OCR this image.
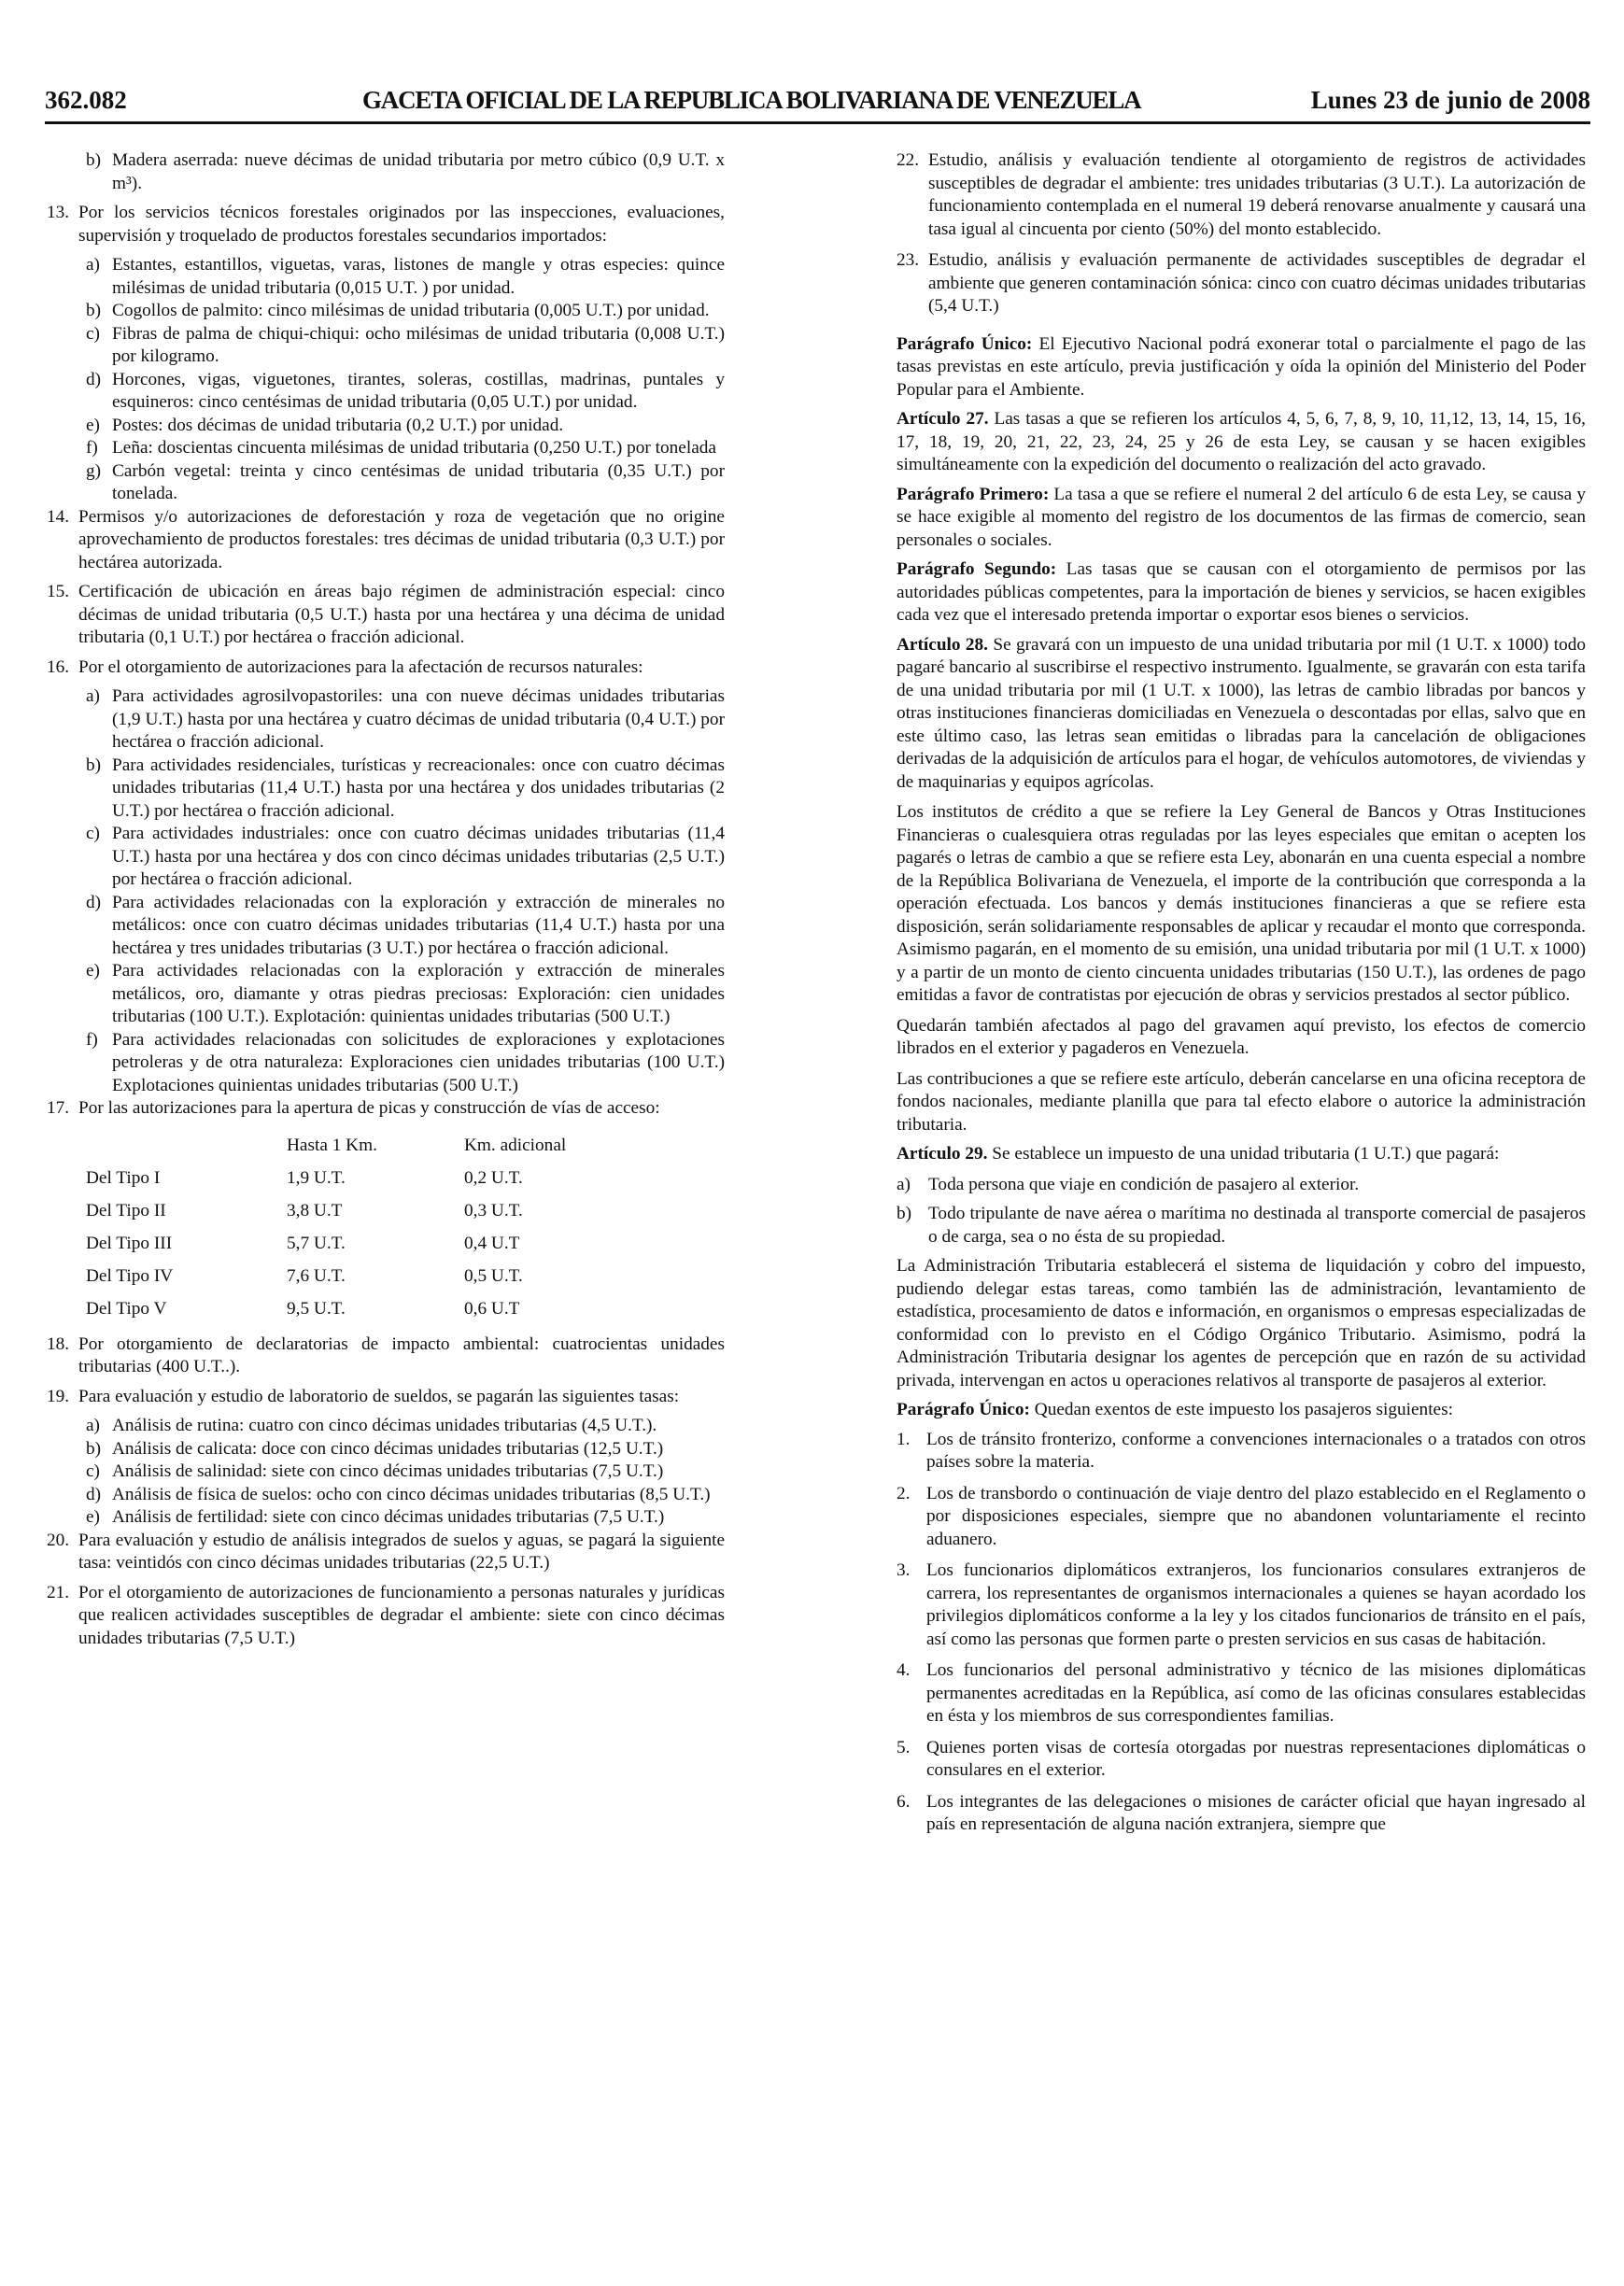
362.082	GACETA OFICIAL DE LA REPUBLICA BOLIVARIANA DE VENEZUELA	Lunes 23 de junio de 2008
b) Madera aserrada: nueve décimas de unidad tributaria por metro cúbico (0,9 U.T. x m³).
13. Por los servicios técnicos forestales originados por las inspecciones, evaluaciones, supervisión y troquelado de productos forestales secundarios importados:
a) Estantes, estantillos, viguetas, varas, listones de mangle y otras especies: quince milésimas de unidad tributaria (0,015 U.T. ) por unidad.
b) Cogollos de palmito: cinco milésimas de unidad tributaria (0,005 U.T.) por unidad.
c) Fibras de palma de chiqui-chiqui: ocho milésimas de unidad tributaria (0,008 U.T.) por kilogramo.
d) Horcones, vigas, viguetones, tirantes, soleras, costillas, madrinas, puntales y esquineros: cinco centésimas de unidad tributaria (0,05 U.T.) por unidad.
e) Postes: dos décimas de unidad tributaria (0,2 U.T.) por unidad.
f) Leña: doscientas cincuenta milésimas de unidad tributaria (0,250 U.T.) por tonelada
g) Carbón vegetal: treinta y cinco centésimas de unidad tributaria (0,35 U.T.) por tonelada.
14. Permisos y/o autorizaciones de deforestación y roza de vegetación que no origine aprovechamiento de productos forestales: tres décimas de unidad tributaria (0,3 U.T.) por hectárea autorizada.
15. Certificación de ubicación en áreas bajo régimen de administración especial: cinco décimas de unidad tributaria (0,5 U.T.) hasta por una hectárea y una décima de unidad tributaria (0,1 U.T.) por hectárea o fracción adicional.
16. Por el otorgamiento de autorizaciones para la afectación de recursos naturales:
a) Para actividades agrosilvopastoriles: una con nueve décimas unidades tributarias (1,9 U.T.) hasta por una hectárea y cuatro décimas de unidad tributaria (0,4 U.T.) por hectárea o fracción adicional.
b) Para actividades residenciales, turísticas y recreacionales: once con cuatro décimas unidades tributarias (11,4 U.T.) hasta por una hectárea y dos unidades tributarias (2 U.T.) por hectárea o fracción adicional.
c) Para actividades industriales: once con cuatro décimas unidades tributarias (11,4 U.T.) hasta por una hectárea y dos con cinco décimas unidades tributarias (2,5 U.T.) por hectárea o fracción adicional.
d) Para actividades relacionadas con la exploración y extracción de minerales no metálicos: once con cuatro décimas unidades tributarias (11,4 U.T.) hasta por una hectárea y tres unidades tributarias (3 U.T.) por hectárea o fracción adicional.
e) Para actividades relacionadas con la exploración y extracción de minerales metálicos, oro, diamante y otras piedras preciosas: Exploración: cien unidades tributarias (100 U.T.). Explotación: quinientas unidades tributarias (500 U.T.)
f) Para actividades relacionadas con solicitudes de exploraciones y explotaciones petroleras y de otra naturaleza: Exploraciones cien unidades tributarias (100 U.T.) Explotaciones quinientas unidades tributarias (500 U.T.)
17. Por las autorizaciones para la apertura de picas y construcción de vías de acceso:
	Hasta 1 Km.	Km. adicional
Del Tipo I	1,9 U.T.	0,2 U.T.
Del Tipo II	3,8 U.T	0,3 U.T.
Del Tipo III	5,7 U.T.	0,4 U.T
Del Tipo IV	7,6 U.T.	0,5 U.T.
Del Tipo V	9,5 U.T.	0,6 U.T
18. Por otorgamiento de declaratorias de impacto ambiental: cuatrocientas unidades tributarias (400 U.T..).
19. Para evaluación y estudio de laboratorio de sueldos, se pagarán las siguientes tasas:
a) Análisis de rutina: cuatro con cinco décimas unidades tributarias (4,5 U.T.).
b) Análisis de calicata: doce con cinco décimas unidades tributarias (12,5 U.T.)
c) Análisis de salinidad: siete con cinco décimas unidades tributarias (7,5 U.T.)
d) Análisis de física de suelos: ocho con cinco décimas unidades tributarias (8,5 U.T.)
e) Análisis de fertilidad: siete con cinco décimas unidades tributarias (7,5 U.T.)
20. Para evaluación y estudio de análisis integrados de suelos y aguas, se pagará la siguiente tasa: veintidós con cinco décimas unidades tributarias (22,5 U.T.)
21. Por el otorgamiento de autorizaciones de funcionamiento a personas naturales y jurídicas que realicen actividades susceptibles de degradar el ambiente: siete con cinco décimas unidades tributarias (7,5 U.T.)
22. Estudio, análisis y evaluación tendiente al otorgamiento de registros de actividades susceptibles de degradar el ambiente: tres unidades tributarias (3 U.T.). La autorización de funcionamiento contemplada en el numeral 19 deberá renovarse anualmente y causará una tasa igual al cincuenta por ciento (50%) del monto establecido.
23. Estudio, análisis y evaluación permanente de actividades susceptibles de degradar el ambiente que generen contaminación sónica: cinco con cuatro décimas unidades tributarias (5,4 U.T.)
Parágrafo Único: El Ejecutivo Nacional podrá exonerar total o parcialmente el pago de las tasas previstas en este artículo, previa justificación y oída la opinión del Ministerio del Poder Popular para el Ambiente.
Artículo 27. Las tasas a que se refieren los artículos 4, 5, 6, 7, 8, 9, 10, 11,12, 13, 14, 15, 16, 17, 18, 19, 20, 21, 22, 23, 24, 25 y 26 de esta Ley, se causan y se hacen exigibles simultáneamente con la expedición del documento o realización del acto gravado.
Parágrafo Primero: La tasa a que se refiere el numeral 2 del artículo 6 de esta Ley, se causa y se hace exigible al momento del registro de los documentos de las firmas de comercio, sean personales o sociales.
Parágrafo Segundo: Las tasas que se causan con el otorgamiento de permisos por las autoridades públicas competentes, para la importación de bienes y servicios, se hacen exigibles cada vez que el interesado pretenda importar o exportar esos bienes o servicios.
Artículo 28. Se gravará con un impuesto de una unidad tributaria por mil (1 U.T. x 1000) todo pagaré bancario al suscribirse el respectivo instrumento. Igualmente, se gravarán con esta tarifa de una unidad tributaria por mil (1 U.T. x 1000), las letras de cambio libradas por bancos y otras instituciones financieras domiciliadas en Venezuela o descontadas por ellas, salvo que en este último caso, las letras sean emitidas o libradas para la cancelación de obligaciones derivadas de la adquisición de artículos para el hogar, de vehículos automotores, de viviendas y de maquinarias y equipos agrícolas.
Los institutos de crédito a que se refiere la Ley General de Bancos y Otras Instituciones Financieras o cualesquiera otras reguladas por las leyes especiales que emitan o acepten los pagarés o letras de cambio a que se refiere esta Ley, abonarán en una cuenta especial a nombre de la República Bolivariana de Venezuela, el importe de la contribución que corresponda a la operación efectuada. Los bancos y demás instituciones financieras a que se refiere esta disposición, serán solidariamente responsables de aplicar y recaudar el monto que corresponda. Asimismo pagarán, en el momento de su emisión, una unidad tributaria por mil (1 U.T. x 1000) y a partir de un monto de ciento cincuenta unidades tributarias (150 U.T.), las ordenes de pago emitidas a favor de contratistas por ejecución de obras y servicios prestados al sector público.
Quedarán también afectados al pago del gravamen aquí previsto, los efectos de comercio librados en el exterior y pagaderos en Venezuela.
Las contribuciones a que se refiere este artículo, deberán cancelarse en una oficina receptora de fondos nacionales, mediante planilla que para tal efecto elabore o autorice la administración tributaria.
Artículo 29. Se establece un impuesto de una unidad tributaria (1 U.T.) que pagará:
a) Toda persona que viaje en condición de pasajero al exterior.
b) Todo tripulante de nave aérea o marítima no destinada al transporte comercial de pasajeros o de carga, sea o no ésta de su propiedad.
La Administración Tributaria establecerá el sistema de liquidación y cobro del impuesto, pudiendo delegar estas tareas, como también las de administración, levantamiento de estadística, procesamiento de datos e información, en organismos o empresas especializadas de conformidad con lo previsto en el Código Orgánico Tributario. Asimismo, podrá la Administración Tributaria designar los agentes de percepción que en razón de su actividad privada, intervengan en actos u operaciones relativos al transporte de pasajeros al exterior.
Parágrafo Único: Quedan exentos de este impuesto los pasajeros siguientes:
1. Los de tránsito fronterizo, conforme a convenciones internacionales o a tratados con otros países sobre la materia.
2. Los de transbordo o continuación de viaje dentro del plazo establecido en el Reglamento o por disposiciones especiales, siempre que no abandonen voluntariamente el recinto aduanero.
3. Los funcionarios diplomáticos extranjeros, los funcionarios consulares extranjeros de carrera, los representantes de organismos internacionales a quienes se hayan acordado los privilegios diplomáticos conforme a la ley y los citados funcionarios de tránsito en el país, así como las personas que formen parte o presten servicios en sus casas de habitación.
4. Los funcionarios del personal administrativo y técnico de las misiones diplomáticas permanentes acreditadas en la República, así como de las oficinas consulares establecidas en ésta y los miembros de sus correspondientes familias.
5. Quienes porten visas de cortesía otorgadas por nuestras representaciones diplomáticas o consulares en el exterior.
6. Los integrantes de las delegaciones o misiones de carácter oficial que hayan ingresado al país en representación de alguna nación extranjera, siempre que
